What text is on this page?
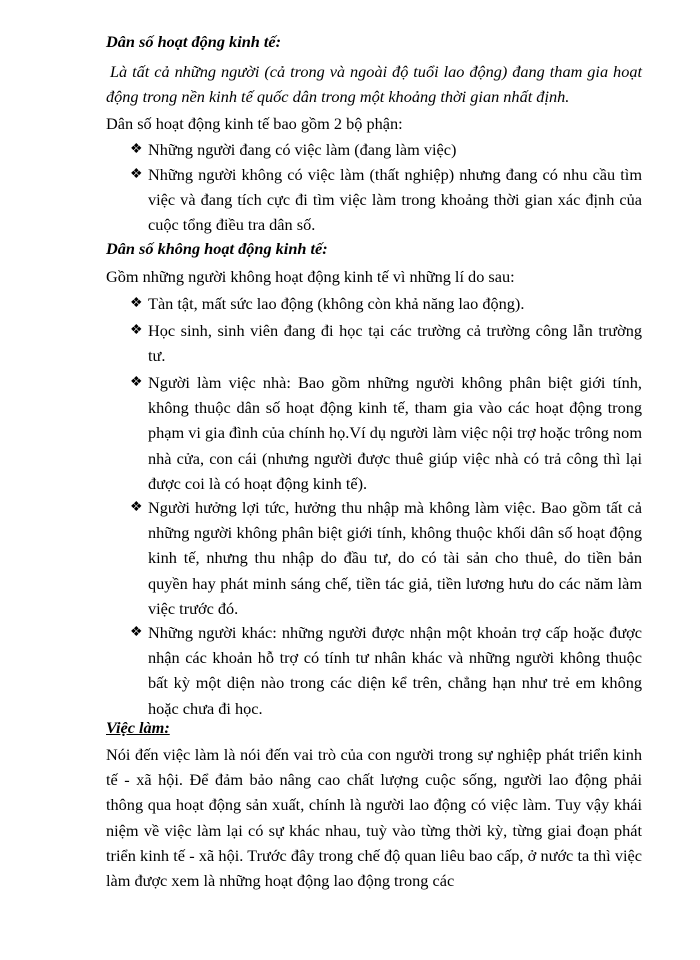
Dân số hoạt động kinh tế:

Là tất cả những người (cả trong và ngoài độ tuổi lao động) đang tham gia hoạt động trong nền kinh tế quốc dân trong một khoảng thời gian nhất định.

Dân số hoạt động kinh tế bao gồm 2 bộ phận:

❖ Những người đang có việc làm (đang làm việc)

❖ Những người không có việc làm (thất nghiệp) nhưng đang có nhu cầu tìm việc và đang tích cực đi tìm việc làm trong khoảng thời gian xác định của cuộc tổng điều tra dân số.

Dân số không hoạt động kinh tế:

Gồm những người không hoạt động kinh tế vì những lí do sau:

❖ Tàn tật, mất sức lao động (không còn khả năng lao động).

❖ Học sinh, sinh viên đang đi học tại các trường cả trường công lẫn trường tư.

❖ Người làm việc nhà: Bao gồm những người không phân biệt giới tính, không thuộc dân số hoạt động kinh tế, tham gia vào các hoạt động trong phạm vi gia đình của chính họ.Ví dụ người làm việc nội trợ hoặc trông nom nhà cửa, con cái (nhưng người được thuê giúp việc nhà có trả công thì lại được coi là có hoạt động kinh tế).

❖ Người hưởng lợi tức, hưởng thu nhập mà không làm việc. Bao gồm tất cả những người không phân biệt giới tính, không thuộc khối dân số hoạt động kinh tế, nhưng thu nhập do đầu tư, do có tài sản cho thuê, do tiền bản quyền hay phát minh sáng chế, tiền tác giả, tiền lương hưu do các năm làm việc trước đó.

❖ Những người khác: những người được nhận một khoản trợ cấp hoặc được nhận các khoản hỗ trợ có tính tư nhân khác và những người không thuộc bất kỳ một diện nào trong các diện kể trên, chẳng hạn như trẻ em không hoặc chưa đi học.

Việc làm:

Nói đến việc làm là nói đến vai trò của con người trong sự nghiệp phát triển kinh tế - xã hội. Để đảm bảo nâng cao chất lượng cuộc sống, người lao động phải thông qua hoạt động sản xuất, chính là người lao động có việc làm. Tuy vậy khái niệm về việc làm lại có sự khác nhau, tuỳ vào từng thời kỳ, từng giai đoạn phát triển kinh tế - xã hội. Trước đây trong chế độ quan liêu bao cấp, ở nước ta thì việc làm được xem là những hoạt động lao động trong các
